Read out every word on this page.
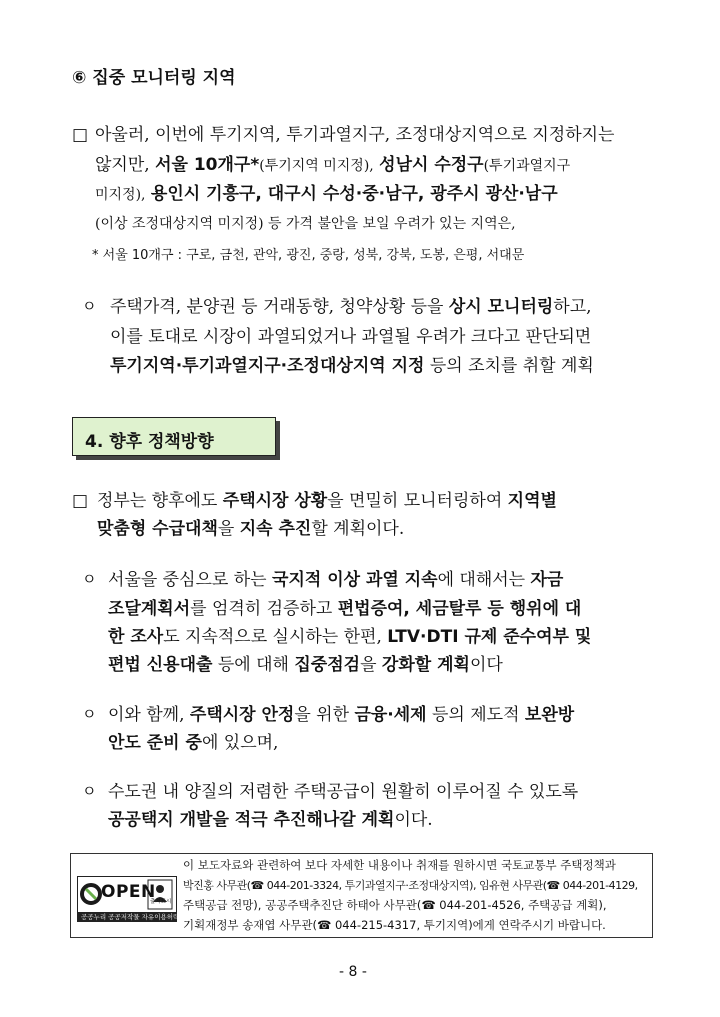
⑥ 집중 모니터링 지역
□ 아울러, 이번에 투기지역, 투기과열지구, 조정대상지역으로 지정하지는
않지만, 서울 10개구*(투기지역 미지정), 성남시 수정구(투기과열지구
미지정), 용인시 기흥구, 대구시 수성·중·남구, 광주시 광산·남구
(이상 조정대상지역 미지정) 등 가격 불안을 보일 우려가 있는 지역은,
* 서울 10개구 : 구로, 금천, 관악, 광진, 중랑, 성북, 강북, 도봉, 은평, 서대문
ㅇ 주택가격, 분양권 등 거래동향, 청약상황 등을 상시 모니터링하고,
이를 토대로 시장이 과열되었거나 과열될 우려가 크다고 판단되면
투기지역·투기과열지구·조정대상지역 지정 등의 조치를 취할 계획
4. 향후 정책방향
□ 정부는 향후에도 주택시장 상황을 면밀히 모니터링하여 지역별
맞춤형 수급대책을 지속 추진할 계획이다.
ㅇ 서울을 중심으로 하는 국지적 이상 과열 지속에 대해서는 자금
조달계획서를 엄격히 검증하고 편법증여, 세금탈루 등 행위에 대
한 조사도 지속적으로 실시하는 한편, LTV·DTI 규제 준수여부 및
편법 신용대출 등에 대해 집중점검을 강화할 계획이다
ㅇ 이와 함께, 주택시장 안정을 위한 금융·세제 등의 제도적 보완방
안도 준비 중에 있으며,
ㅇ 수도권 내 양질의 저렴한 주택공급이 원활히 이루어질 수 있도록
공공택지 개발을 적극 추진해나갈 계획이다.
OPEN
공공누리 공공저작물 자유이용허락
출처표시
이 보도자료와 관련하여 보다 자세한 내용이나 취재를 원하시면 국토교통부 주택정책과
박진홍 사무관(☎ 044-201-3324, 투기과열지구·조정대상지역), 임유현 사무관(☎ 044-201-4129,
주택공급 전망), 공공주택추진단 하태아 사무관(☎ 044-201-4526, 주택공급 계획),
기획재정부 송재엽 사무관(☎ 044-215-4317, 투기지역)에게 연락주시기 바랍니다.
- 8 -
